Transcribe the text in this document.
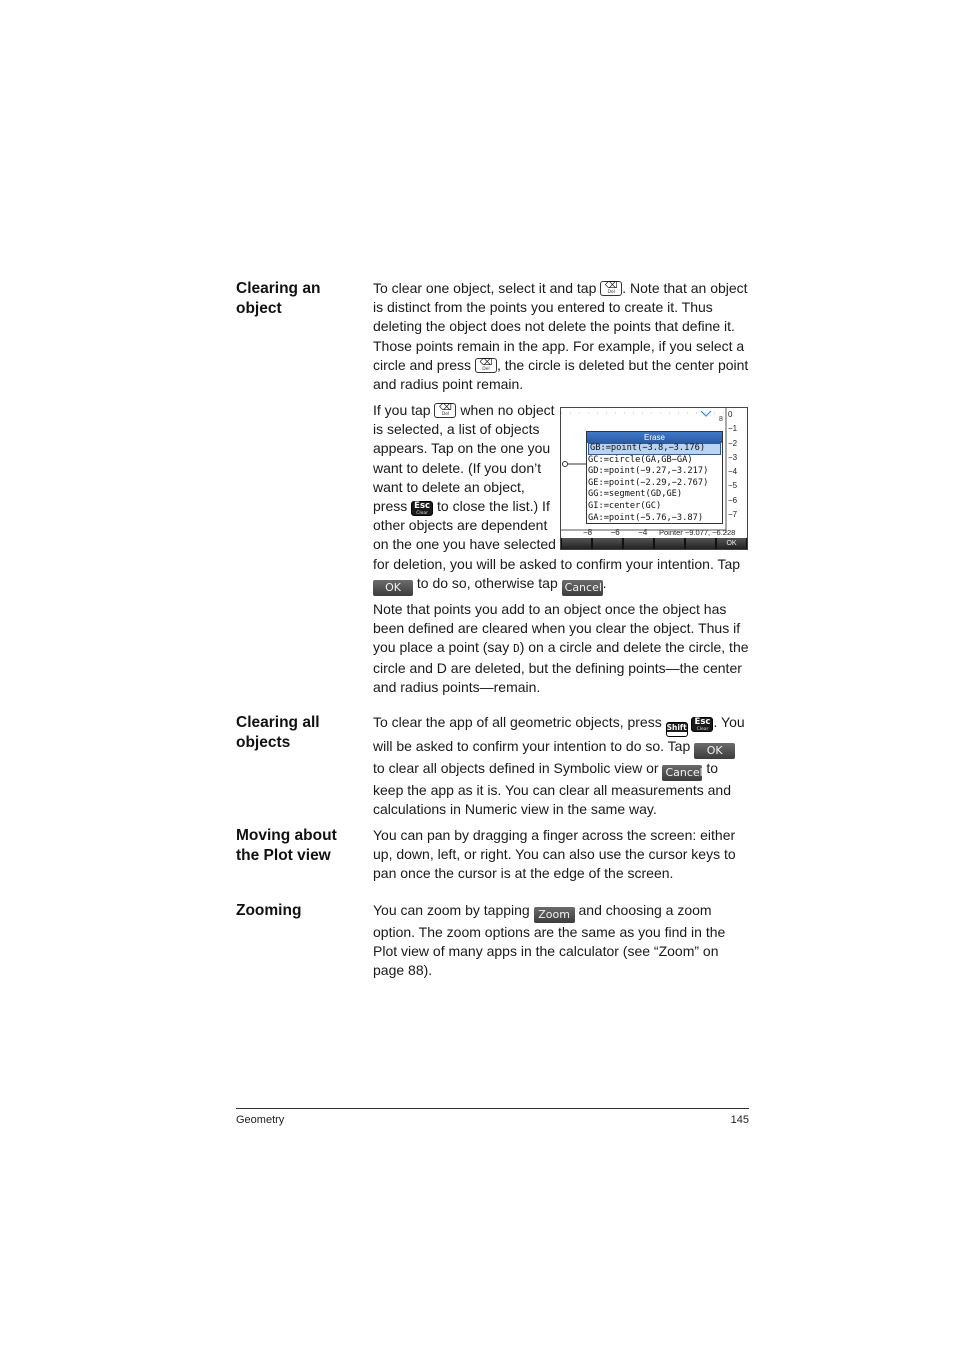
Clearing an object
To clear one object, select it and tap ⌫
Del . Note that an object is distinct from the points you entered to create it. Thus deleting the object does not delete the points that define it. Those points remain in the app. For example, if you select a circle and press ⌫
Del , the circle is deleted but the center point and radius point remain.
0
−1
−2
−3
−4
−5
−6
−7
8
Erase
GB:=point(−3.8,−3.176)
GC:=circle(GA,GB−GA)
GD:=point(−9.27,−3.217)
GE:=point(−2.29,−2.767)
GG:=segment(GD,GE)
GI:=center(GC)
GA:=point(−5.76,−3.87)
−8 −6 −4 Pointer −9.077, −6.228
OK
If you tap ⌫
Del when no object is selected, a list of objects appears. Tap on the one you want to delete. (If you don’t want to delete an object, press Esc
Clear to close the list.) If other objects are dependent on the one you have selected for deletion, you will be asked to confirm your intention. Tap OK to do so, otherwise tap Cancel.
Note that points you add to an object once the object has been defined are cleared when you clear the object. Thus if you place a point (say D) on a circle and delete the circle, the circle and D are deleted, but the defining points—the center and radius points—remain.
Clearing all objects
To clear the app of all geometric objects, press Shift

Esc
Clear . You will be asked to confirm your intention to do so. Tap OK to clear all objects defined in Symbolic view or Cancel to keep the app as it is. You can clear all measurements and calculations in Numeric view in the same way.
Moving about the Plot view
You can pan by dragging a finger across the screen: either up, down, left, or right. You can also use the cursor keys to pan once the cursor is at the edge of the screen.
Zooming	You can zoom by tapping Zoom and choosing a zoom option. The zoom options are the same as you find in the Plot view of many apps in the calculator (see “Zoom” on page 88).
Geometry	145
